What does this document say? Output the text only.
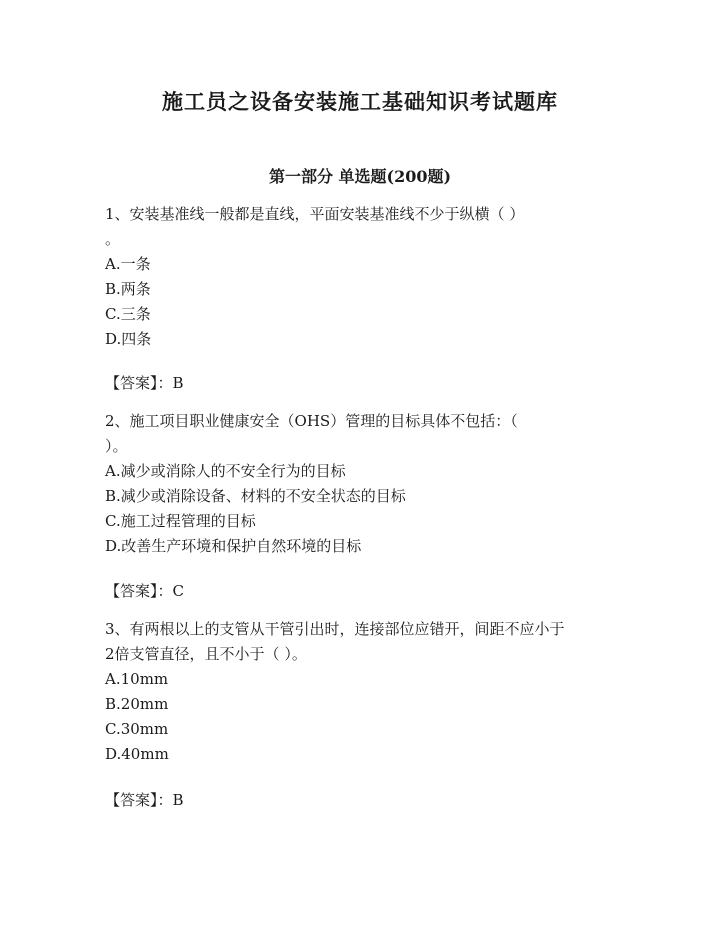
施工员之设备安装施工基础知识考试题库
第一部分 单选题(200题)

1、安装基准线一般都是直线，平面安装基准线不少于纵横（ ）

。

A.一条

B.两条

C.三条

D.四条

【答案】：B

2、施工项目职业健康安全（OHS）管理的目标具体不包括：（

）。

A.减少或消除人的不安全行为的目标

B.减少或消除设备、材料的不安全状态的目标

C.施工过程管理的目标

D.改善生产环境和保护自然环境的目标

【答案】：C

3、有两根以上的支管从干管引出时，连接部位应错开，间距不应小于

2倍支管直径，且不小于（ ）。

A.10mm

B.20mm

C.30mm

D.40mm

【答案】：B
